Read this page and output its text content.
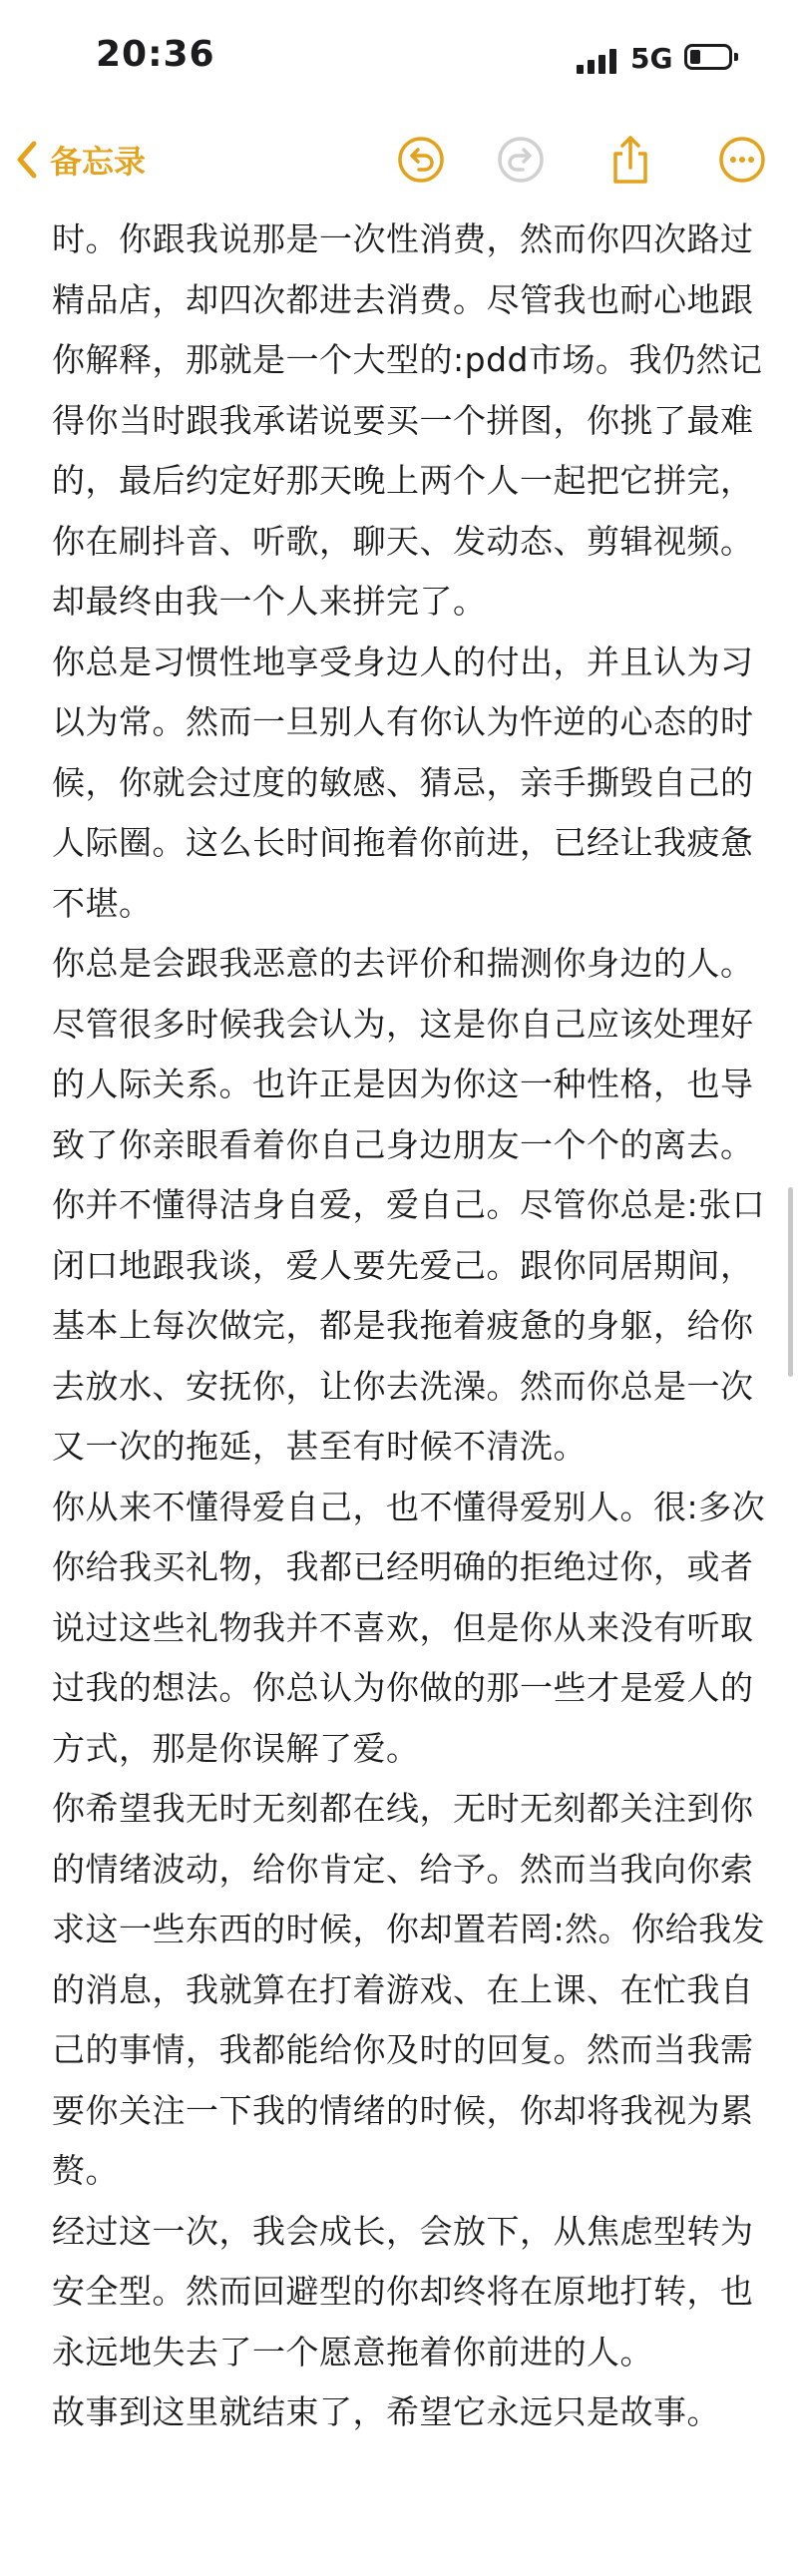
20:36	5G
备忘录

时。你跟我说那是一次性消费，然而你四次路过精品店，却四次都进去消费。尽管我也耐心地跟你解释，那就是一个大型的:pdd市场。我仍然记得你当时跟我承诺说要买一个拼图，你挑了最难的，最后约定好那天晚上两个人一起把它拼完，你在刷抖音、听歌，聊天、发动态、剪辑视频。却最终由我一个人来拼完了。

你总是习惯性地享受身边人的付出，并且认为习以为常。然而一旦别人有你认为忤逆的心态的时候，你就会过度的敏感、猜忌，亲手撕毁自己的人际圈。这么长时间拖着你前进，已经让我疲惫不堪。

你总是会跟我恶意的去评价和揣测你身边的人。尽管很多时候我会认为，这是你自己应该处理好的人际关系。也许正是因为你这一种性格，也导致了你亲眼看着你自己身边朋友一个个的离去。

你并不懂得洁身自爱，爱自己。尽管你总是:张口闭口地跟我谈，爱人要先爱己。跟你同居期间，基本上每次做完，都是我拖着疲惫的身躯，给你去放水、安抚你，让你去洗澡。然而你总是一次又一次的拖延，甚至有时候不清洗。

你从来不懂得爱自己，也不懂得爱别人。很:多次你给我买礼物，我都已经明确的拒绝过你，或者说过这些礼物我并不喜欢，但是你从来没有听取过我的想法。你总认为你做的那一些才是爱人的方式，那是你误解了爱。

你希望我无时无刻都在线，无时无刻都关注到你的情绪波动，给你肯定、给予。然而当我向你索求这一些东西的时候，你却置若罔:然。你给我发的消息，我就算在打着游戏、在上课、在忙我自己的事情，我都能给你及时的回复。然而当我需要你关注一下我的情绪的时候，你却将我视为累赘。

经过这一次，我会成长，会放下，从焦虑型转为安全型。然而回避型的你却终将在原地打转，也永远地失去了一个愿意拖着你前进的人。

故事到这里就结束了，希望它永远只是故事。
